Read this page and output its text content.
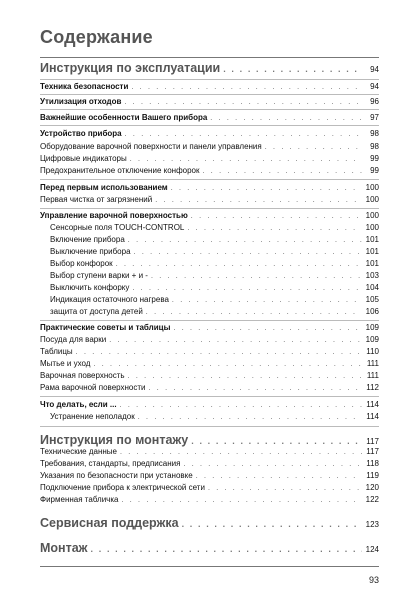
Содержание
Инструкция по эксплуатации . . .	94
Техника безопасности . . .	94
Утилизация отходов . . .	96
Важнейшие особенности Вашего прибора . . .	97
Устройство прибора . . .	98
Оборудование варочной поверхности и панели управления . . .	98
Цифровые индикаторы . . .	99
Предохранительное отключение конфорок . . .	99
Перед первым использованием . . .	100
Первая чистка от загрязнений . . .	100
Управление варочной поверхностью . . .	100
Сенсорные поля TOUCH-CONTROL . . .	100
Включение прибора . . .	101
Выключение прибора . . .	101
Выбор конфорок . . .	101
Выбор ступени варки + и - . . .	103
Выключить конфорку . . .	104
Индикация остаточного нагрева . . .	105
защита от доступа детей . . .	106
Практические советы и таблицы . . .	109
Посуда для варки . . .	109
Таблицы . . .	110
Мытье и уход . . .	111
Варочная поверхность . . .	111
Рама варочной поверхности . . .	112
Что делать, если ... . . .	114
Устранение неполадок . . .	114
Инструкция по монтажу . . .	117
Технические данные . . .	117
Требования, стандарты, предписания . . .	118
Указания по безопасности при установке . . .	119
Подключение прибора к электрической сети . . .	120
Фирменная табличка . . .	122
Сервисная поддержка . . .	123
Монтаж . . .	124
93
